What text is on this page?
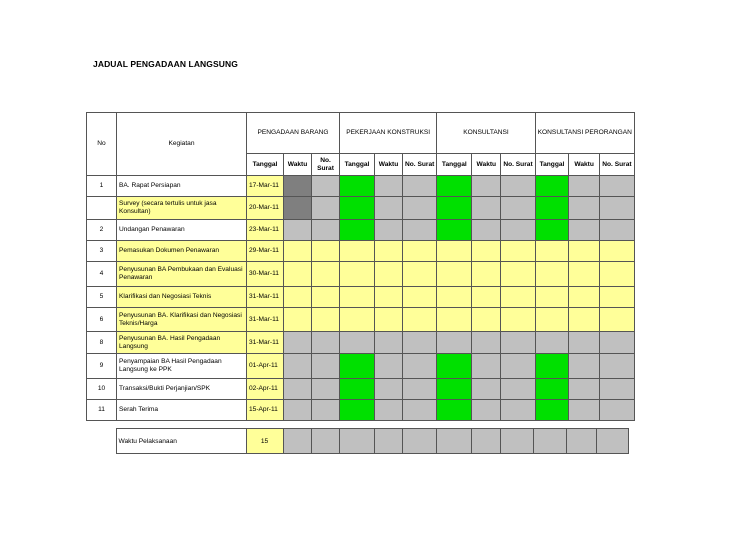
JADUAL PENGADAAN LANGSUNG
No	Kegiatan	PENGADAAN BARANG			PEKERJAAN KONSTRUKSI			KONSULTANSI			KONSULTANSI PERORANGAN		
		Tanggal	Waktu	No. Surat	Tanggal	Waktu	No. Surat	Tanggal	Waktu	No. Surat	Tanggal	Waktu	No. Surat
1	BA. Rapat Persiapan	17-Mar-11											
	Survey (secara tertulis untuk jasa Konsultan)	20-Mar-11											
2	Undangan Penawaran	23-Mar-11											
3	Pemasukan Dokumen Penawaran	29-Mar-11											
4	Penyusunan BA Pembukaan dan Evaluasi Penawaran	30-Mar-11											
5	Klarifikasi dan Negosiasi Teknis	31-Mar-11											
6	Penyusunan BA. Klarifikasi dan Negosiasi Teknis/Harga	31-Mar-11											
8	Penyusunan BA. Hasil Pengadaan Langsung	31-Mar-11											
9	Penyampaian BA Hasil Pengadaan Langsung ke PPK	01-Apr-11											
10	Transaksi/Bukti Perjanjian/SPK	02-Apr-11											
11	Serah Terima	15-Apr-11											
	Waktu Pelaksanaan	15											
